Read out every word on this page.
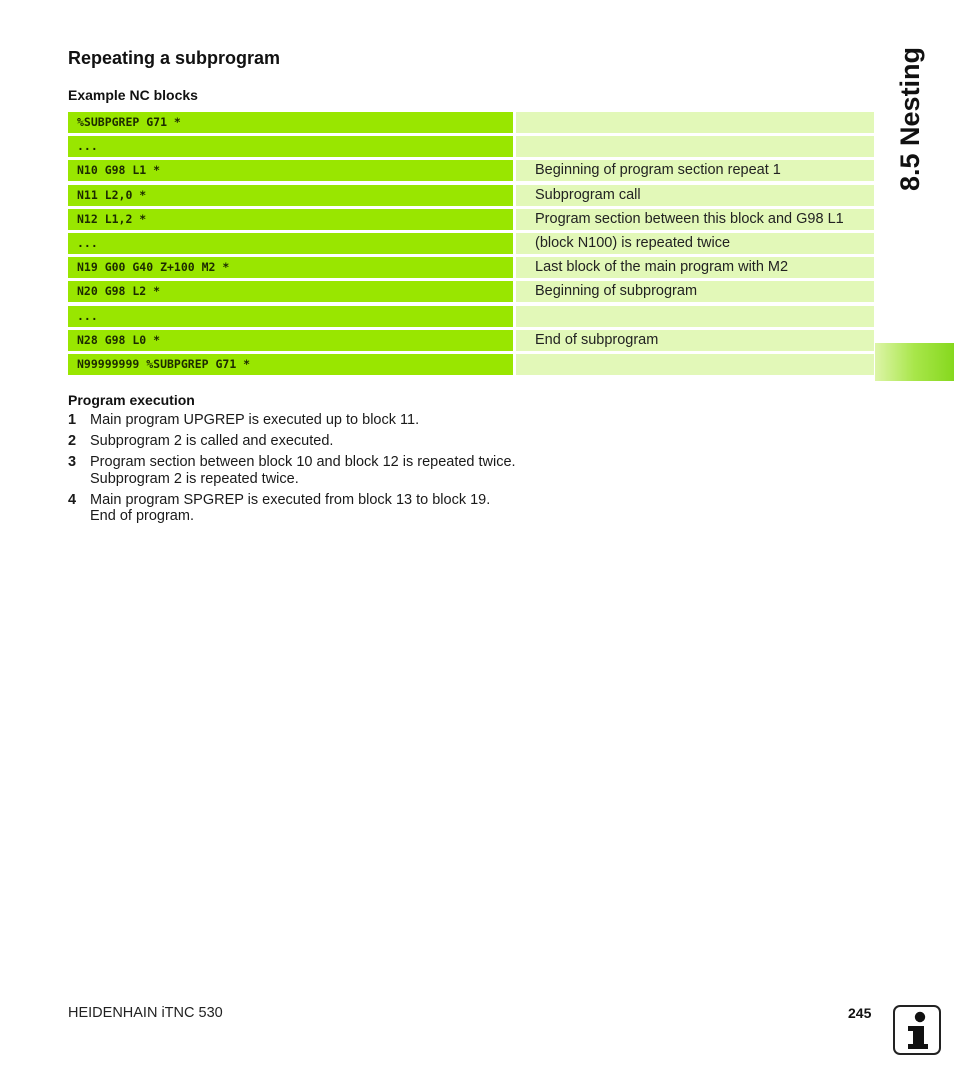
Repeating a subprogram
Example NC blocks
%SUBPGREP G71 *
...
N10 G98 L1 *	Beginning of program section repeat 1
N11 L2,0 *	Subprogram call
N12 L1,2 *	Program section between this block and G98 L1
...	(block N100) is repeated twice
N19 G00 G40 Z+100 M2 *	Last block of the main program with M2
N20 G98 L2 *	Beginning of subprogram
...
N28 G98 L0 *	End of subprogram
N99999999 %SUBPGREP G71 *
Program execution
1 Main program UPGREP is executed up to block 11.
2 Subprogram 2 is called and executed.
3 Program section between block 10 and block 12 is repeated twice. Subprogram 2 is repeated twice.
4 Main program SPGREP is executed from block 13 to block 19. End of program.
8.5 Nesting
HEIDENHAIN iTNC 530	245
